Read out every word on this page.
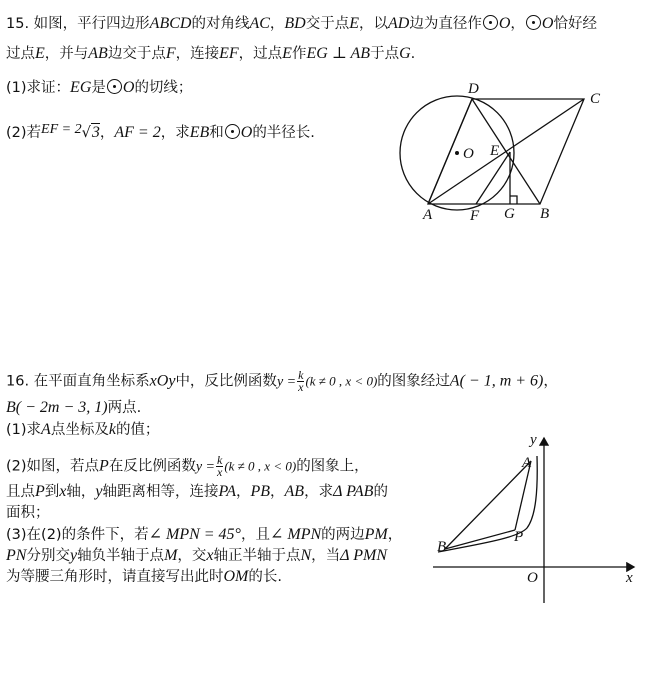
15. 如图，平行四边形ABCD的对角线AC，BD交于点E，以AD边为直径作 O， O恰好经
过点E，并与AB边交于点F，连接EF，过点E作EG ⊥ AB于点G.
(1)求证：EG是 O的切线；
(2)若EF = 2√3，AF = 2，求EB和 O的半径长.
D
C
O E
A	F G B
16. 在平面直角坐标系xOy中，反比例函数$y = \frac{k}{x} (k \ne 0$ , x < 0)的图象经过A( − 1, m + 6)，
B( − 2m − 3, 1)两点.
(1)求A点坐标及k的值；
(2)如图，若点P在反比例函数$y = \frac{k}{x} (k \ne 0$ , x < 0)的图象上，
且点P到x轴，y轴距离相等，连接PA，PB，AB，求Δ PAB的
面积；
(3)在(2)的条件下，若∠ MPN = 45°，且∠ MPN的两边PM，
PN分别交y轴负半轴于点M，交x轴正半轴于点N，当Δ PMN
为等腰三角形时，请直接写出此时OM的长.
y
x
O
A
B
P
